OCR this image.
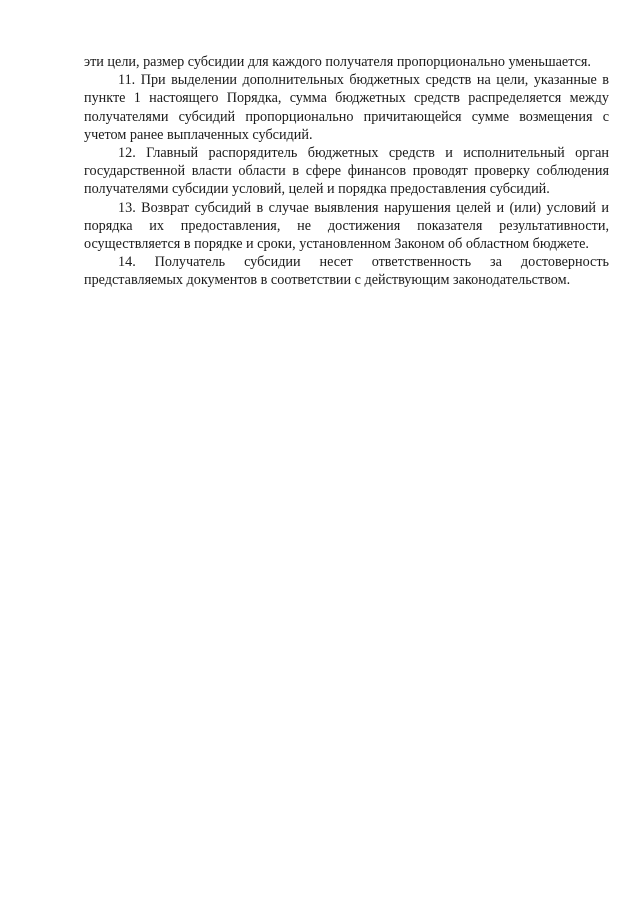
эти цели, размер субсидии для каждого получателя пропорционально уменьшается.

11. При выделении дополнительных бюджетных средств на цели, указанные в пункте 1 настоящего Порядка, сумма бюджетных средств распределяется между получателями субсидий пропорционально причитающейся сумме возмещения с учетом ранее выплаченных субсидий.

12. Главный распорядитель бюджетных средств и исполнительный орган государственной власти области в сфере финансов проводят проверку соблюдения получателями субсидии условий, целей и порядка предоставления субсидий.

13. Возврат субсидий в случае выявления нарушения целей и (или) условий и порядка их предоставления, не достижения показателя результативности, осуществляется в порядке и сроки, установленном Законом об областном бюджете.

14. Получатель субсидии несет ответственность за достоверность представляемых документов в соответствии с действующим законодательством.
